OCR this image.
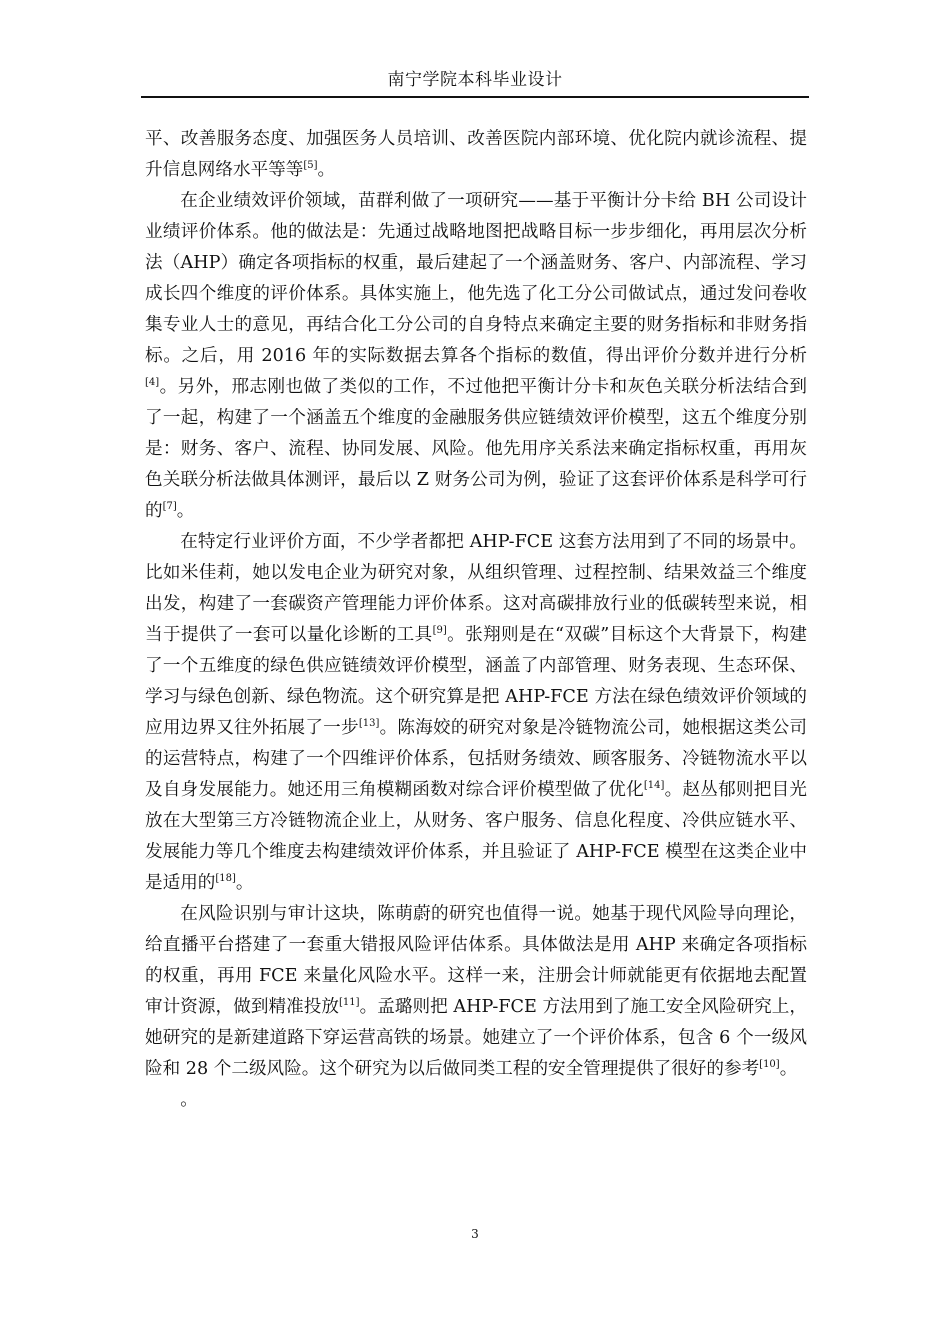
南宁学院本科毕业设计

平、改善服务态度、加强医务人员培训、改善医院内部环境、优化院内就诊流程、提升信息网络水平等等[5]。

在企业绩效评价领域，苗群利做了一项研究——基于平衡计分卡给 BH 公司设计业绩评价体系。他的做法是：先通过战略地图把战略目标一步步细化，再用层次分析法（AHP）确定各项指标的权重，最后建起了一个涵盖财务、客户、内部流程、学习成长四个维度的评价体系。具体实施上，他先选了化工分公司做试点，通过发问卷收集专业人士的意见，再结合化工分公司的自身特点来确定主要的财务指标和非财务指标。之后，用 2016 年的实际数据去算各个指标的数值，得出评价分数并进行分析[4]。另外，邢志刚也做了类似的工作，不过他把平衡计分卡和灰色关联分析法结合到了一起，构建了一个涵盖五个维度的金融服务供应链绩效评价模型，这五个维度分别是：财务、客户、流程、协同发展、风险。他先用序关系法来确定指标权重，再用灰色关联分析法做具体测评，最后以 Z 财务公司为例，验证了这套评价体系是科学可行的[7]。

在特定行业评价方面，不少学者都把 AHP-FCE 这套方法用到了不同的场景中。比如米佳莉，她以发电企业为研究对象，从组织管理、过程控制、结果效益三个维度出发，构建了一套碳资产管理能力评价体系。这对高碳排放行业的低碳转型来说，相当于提供了一套可以量化诊断的工具[9]。张翔则是在“双碳”目标这个大背景下，构建了一个五维度的绿色供应链绩效评价模型，涵盖了内部管理、财务表现、生态环保、学习与绿色创新、绿色物流。这个研究算是把 AHP-FCE 方法在绿色绩效评价领域的应用边界又往外拓展了一步[13]。陈海姣的研究对象是冷链物流公司，她根据这类公司的运营特点，构建了一个四维评价体系，包括财务绩效、顾客服务、冷链物流水平以及自身发展能力。她还用三角模糊函数对综合评价模型做了优化[14]。赵丛郁则把目光放在大型第三方冷链物流企业上，从财务、客户服务、信息化程度、冷供应链水平、发展能力等几个维度去构建绩效评价体系，并且验证了 AHP-FCE 模型在这类企业中是适用的[18]。

在风险识别与审计这块，陈萌蔚的研究也值得一说。她基于现代风险导向理论，给直播平台搭建了一套重大错报风险评估体系。具体做法是用 AHP 来确定各项指标的权重，再用 FCE 来量化风险水平。这样一来，注册会计师就能更有依据地去配置审计资源，做到精准投放[11]。孟璐则把 AHP-FCE 方法用到了施工安全风险研究上，她研究的是新建道路下穿运营高铁的场景。她建立了一个评价体系，包含 6 个一级风险和 28 个二级风险。这个研究为以后做同类工程的安全管理提供了很好的参考[10]。

。

3
